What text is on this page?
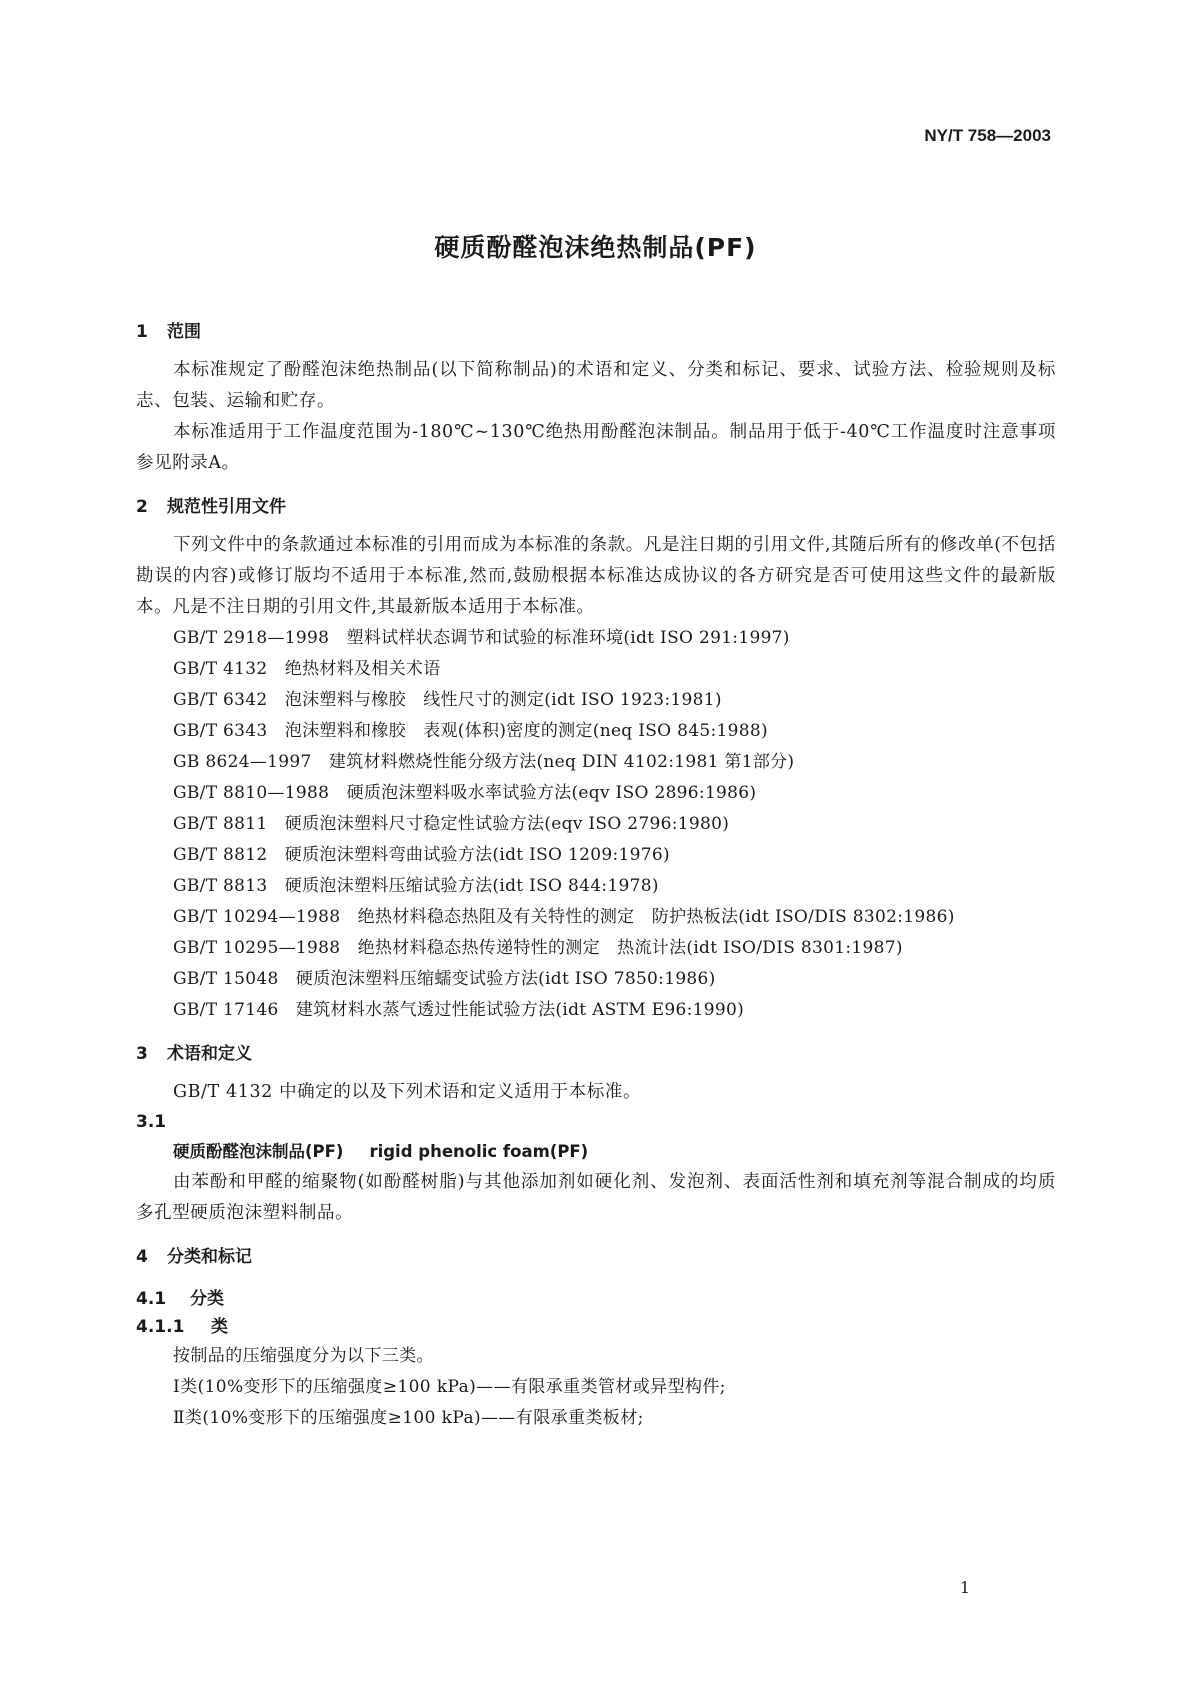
NY/T 758—2003
硬质酚醛泡沫绝热制品(PF)
1 范围
本标准规定了酚醛泡沫绝热制品(以下简称制品)的术语和定义、分类和标记、要求、试验方法、检验规则及标志、包装、运输和贮存。
本标准适用于工作温度范围为-180℃~130℃绝热用酚醛泡沫制品。制品用于低于-40℃工作温度时注意事项参见附录A。
2 规范性引用文件
下列文件中的条款通过本标准的引用而成为本标准的条款。凡是注日期的引用文件,其随后所有的修改单(不包括勘误的内容)或修订版均不适用于本标准,然而,鼓励根据本标准达成协议的各方研究是否可使用这些文件的最新版本。凡是不注日期的引用文件,其最新版本适用于本标准。
GB/T 2918—1998　塑料试样状态调节和试验的标准环境(idt ISO 291:1997)
GB/T 4132　绝热材料及相关术语
GB/T 6342　泡沫塑料与橡胶　线性尺寸的测定(idt ISO 1923:1981)
GB/T 6343　泡沫塑料和橡胶　表观(体积)密度的测定(neq ISO 845:1988)
GB 8624—1997　建筑材料燃烧性能分级方法(neq DIN 4102:1981 第1部分)
GB/T 8810—1988　硬质泡沫塑料吸水率试验方法(eqv ISO 2896:1986)
GB/T 8811　硬质泡沫塑料尺寸稳定性试验方法(eqv ISO 2796:1980)
GB/T 8812　硬质泡沫塑料弯曲试验方法(idt ISO 1209:1976)
GB/T 8813　硬质泡沫塑料压缩试验方法(idt ISO 844:1978)
GB/T 10294—1988　绝热材料稳态热阻及有关特性的测定　防护热板法(idt ISO/DIS 8302:1986)
GB/T 10295—1988　绝热材料稳态热传递特性的测定　热流计法(idt ISO/DIS 8301:1987)
GB/T 15048　硬质泡沫塑料压缩蠕变试验方法(idt ISO 7850:1986)
GB/T 17146　建筑材料水蒸气透过性能试验方法(idt ASTM E96:1990)
3 术语和定义
GB/T 4132 中确定的以及下列术语和定义适用于本标准。
3.1
硬质酚醛泡沫制品(PF) rigid phenolic foam(PF)
由苯酚和甲醛的缩聚物(如酚醛树脂)与其他添加剂如硬化剂、发泡剂、表面活性剂和填充剂等混合制成的均质多孔型硬质泡沫塑料制品。
4 分类和标记
4.1 分类
4.1.1 类
按制品的压缩强度分为以下三类。
Ⅰ类(10%变形下的压缩强度≥100 kPa)——有限承重类管材或异型构件;
Ⅱ类(10%变形下的压缩强度≥100 kPa)——有限承重类板材;
1
